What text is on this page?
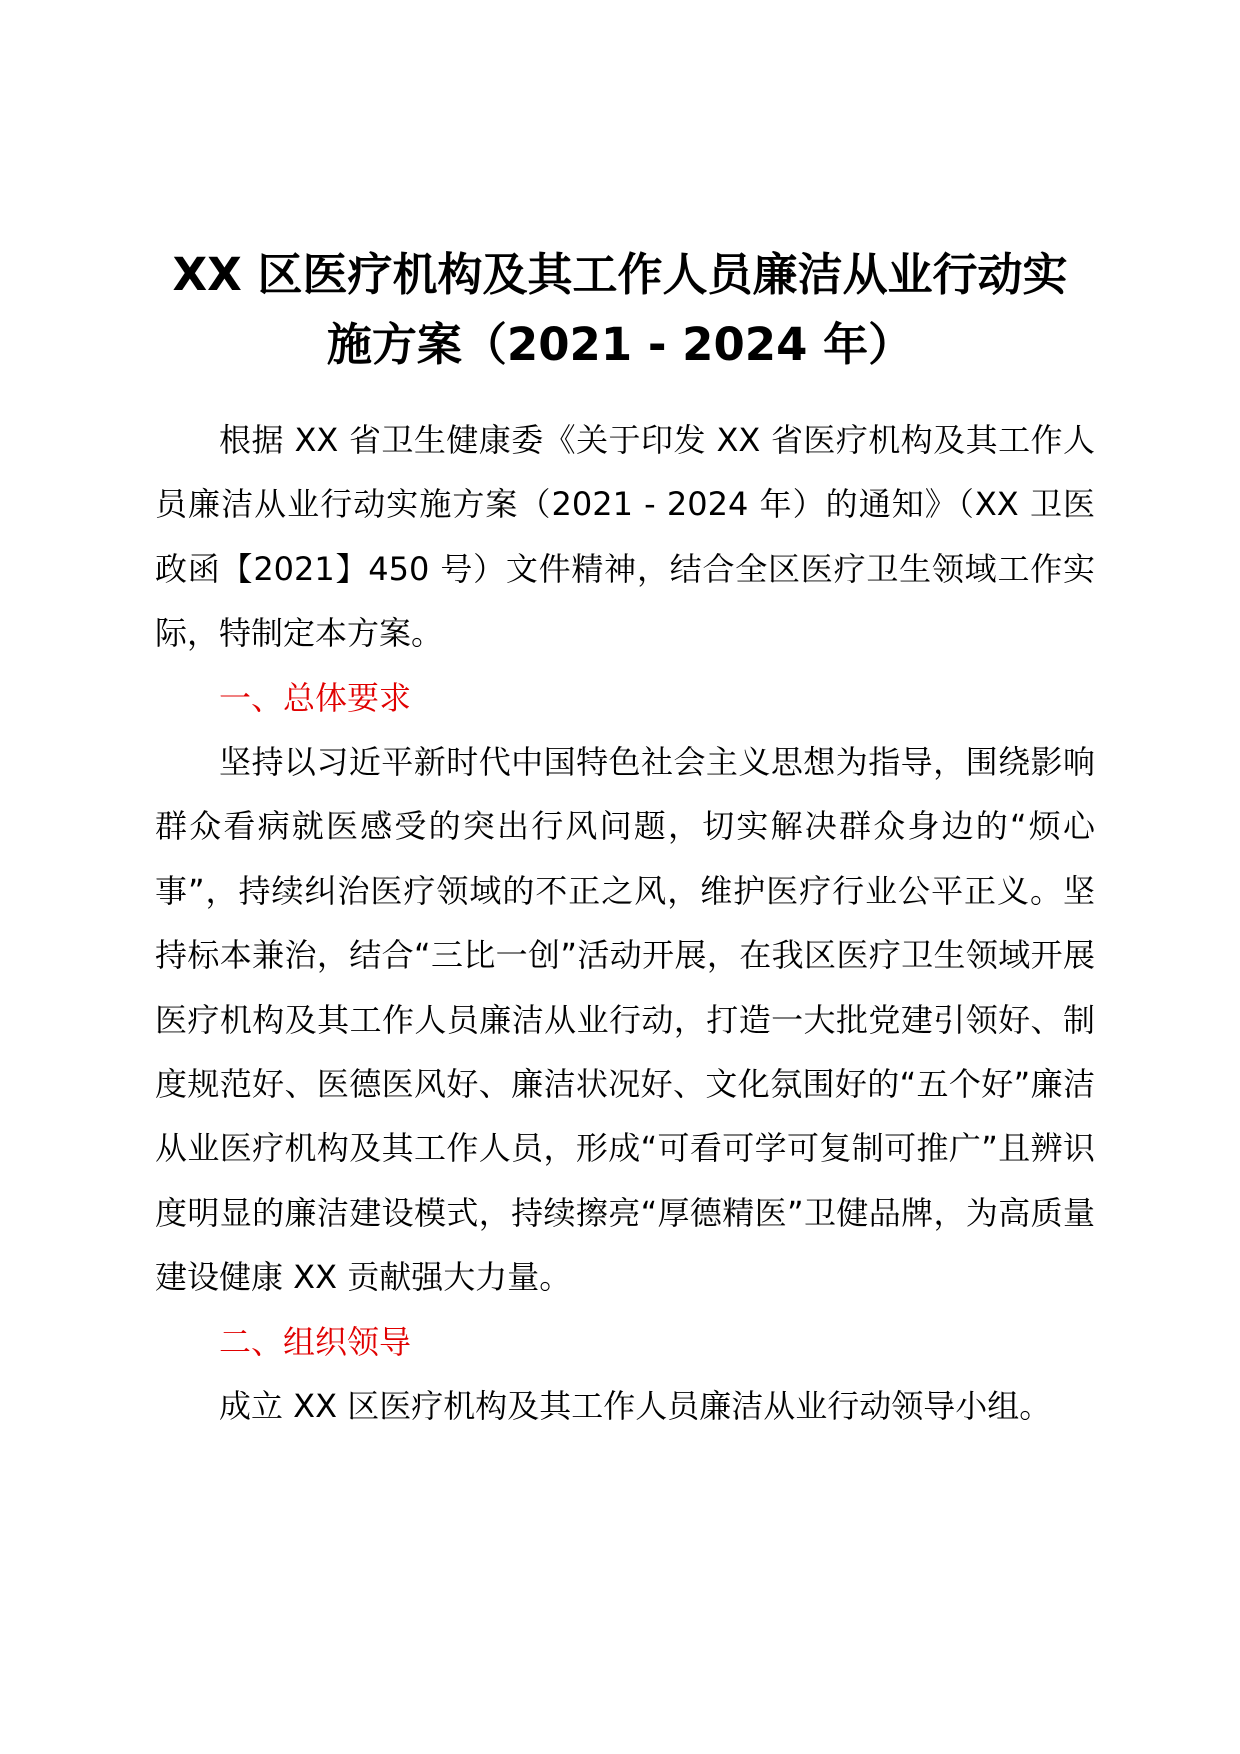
XX 区医疗机构及其工作人员廉洁从业行动实
施方案（2021 - 2024 年）

根据 XX 省卫生健康委《关于印发 XX 省医疗机构及其工作人员廉洁从业行动实施方案（2021 - 2024 年）的通知》（XX 卫医政函【2021】450 号）文件精神，结合全区医疗卫生领域工作实际，特制定本方案。

一、总体要求

坚持以习近平新时代中国特色社会主义思想为指导，围绕影响群众看病就医感受的突出行风问题，切实解决群众身边的“烦心事”，持续纠治医疗领域的不正之风，维护医疗行业公平正义。坚持标本兼治，结合“三比一创”活动开展，在我区医疗卫生领域开展医疗机构及其工作人员廉洁从业行动，打造一大批党建引领好、制度规范好、医德医风好、廉洁状况好、文化氛围好的“五个好”廉洁从业医疗机构及其工作人员，形成“可看可学可复制可推广”且辨识度明显的廉洁建设模式，持续擦亮“厚德精医”卫健品牌，为高质量建设健康 XX 贡献强大力量。

二、组织领导

成立 XX 区医疗机构及其工作人员廉洁从业行动领导小组。
